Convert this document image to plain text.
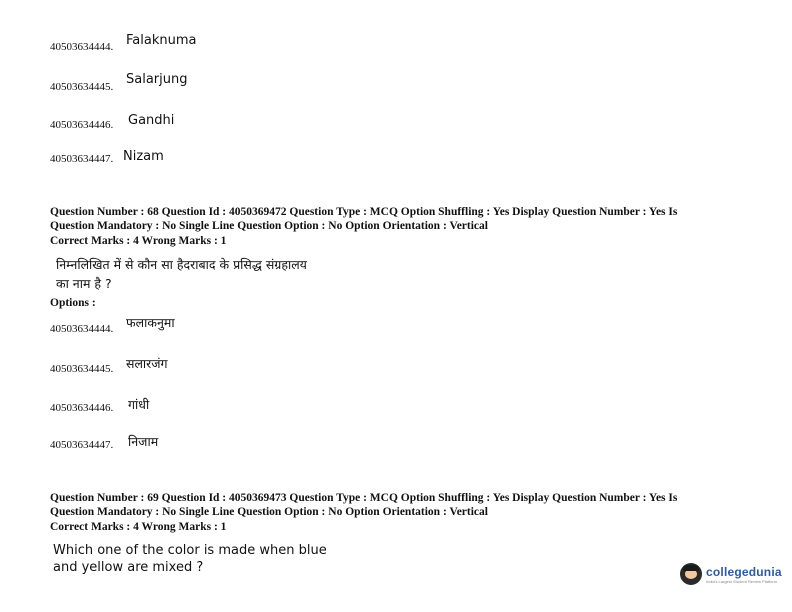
40503634444. Falaknuma
40503634445. Salarjung
40503634446. Gandhi
40503634447. Nizam
Question Number : 68 Question Id : 4050369472 Question Type : MCQ Option Shuffling : Yes Display Question Number : Yes Is
Question Mandatory : No Single Line Question Option : No Option Orientation : Vertical
Correct Marks : 4 Wrong Marks : 1
निम्नलिखित में से कौन सा हैदराबाद के प्रसिद्ध संग्रहालय
का नाम है ?
Options :
40503634444. फलाकनुमा
40503634445. सलारजंग
40503634446. गांधी
40503634447. निजाम
Question Number : 69 Question Id : 4050369473 Question Type : MCQ Option Shuffling : Yes Display Question Number : Yes Is
Question Mandatory : No Single Line Question Option : No Option Orientation : Vertical
Correct Marks : 4 Wrong Marks : 1
Which one of the color is made when blue
and yellow are mixed ?	collegedunia
India's Largest Student Review Platform
